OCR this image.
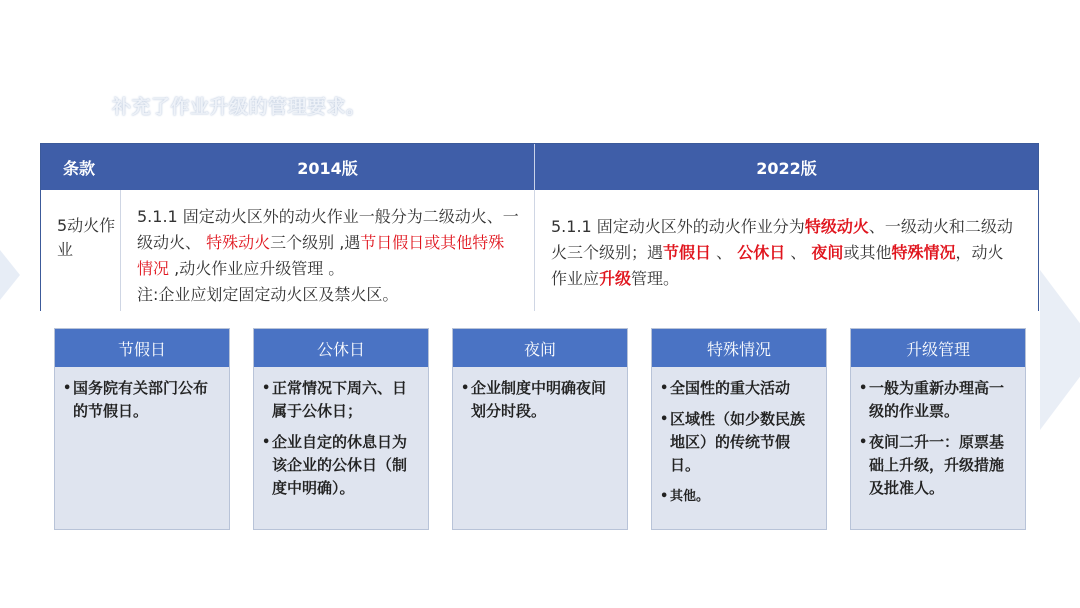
补充了作业升级的管理要求。
条款	2014版	2022版
5动火作业
5.1.1 固定动火区外的动火作业一般分为二级动火、一级动火、 特殊动火三个级别 ,遇节日假日或其他特殊情况 ,动火作业应升级管理 。
注:企业应划定固定动火区及禁火区。
5.1.1 固定动火区外的动火作业分为特级动火、一级动火和二级动火三个级别；遇节假日 、 公休日 、 夜间或其他特殊情况，动火作业应升级管理。
节假日
• 国务院有关部门公布的节假日。
公休日
• 正常情况下周六、日属于公休日；
• 企业自定的休息日为该企业的公休日（制度中明确）。
夜间
• 企业制度中明确夜间划分时段。
特殊情况
• 全国性的重大活动
• 区域性（如少数民族地区）的传统节假日。
• 其他。
升级管理
• 一般为重新办理高一级的作业票。
• 夜间二升一：原票基础上升级，升级措施及批准人。
